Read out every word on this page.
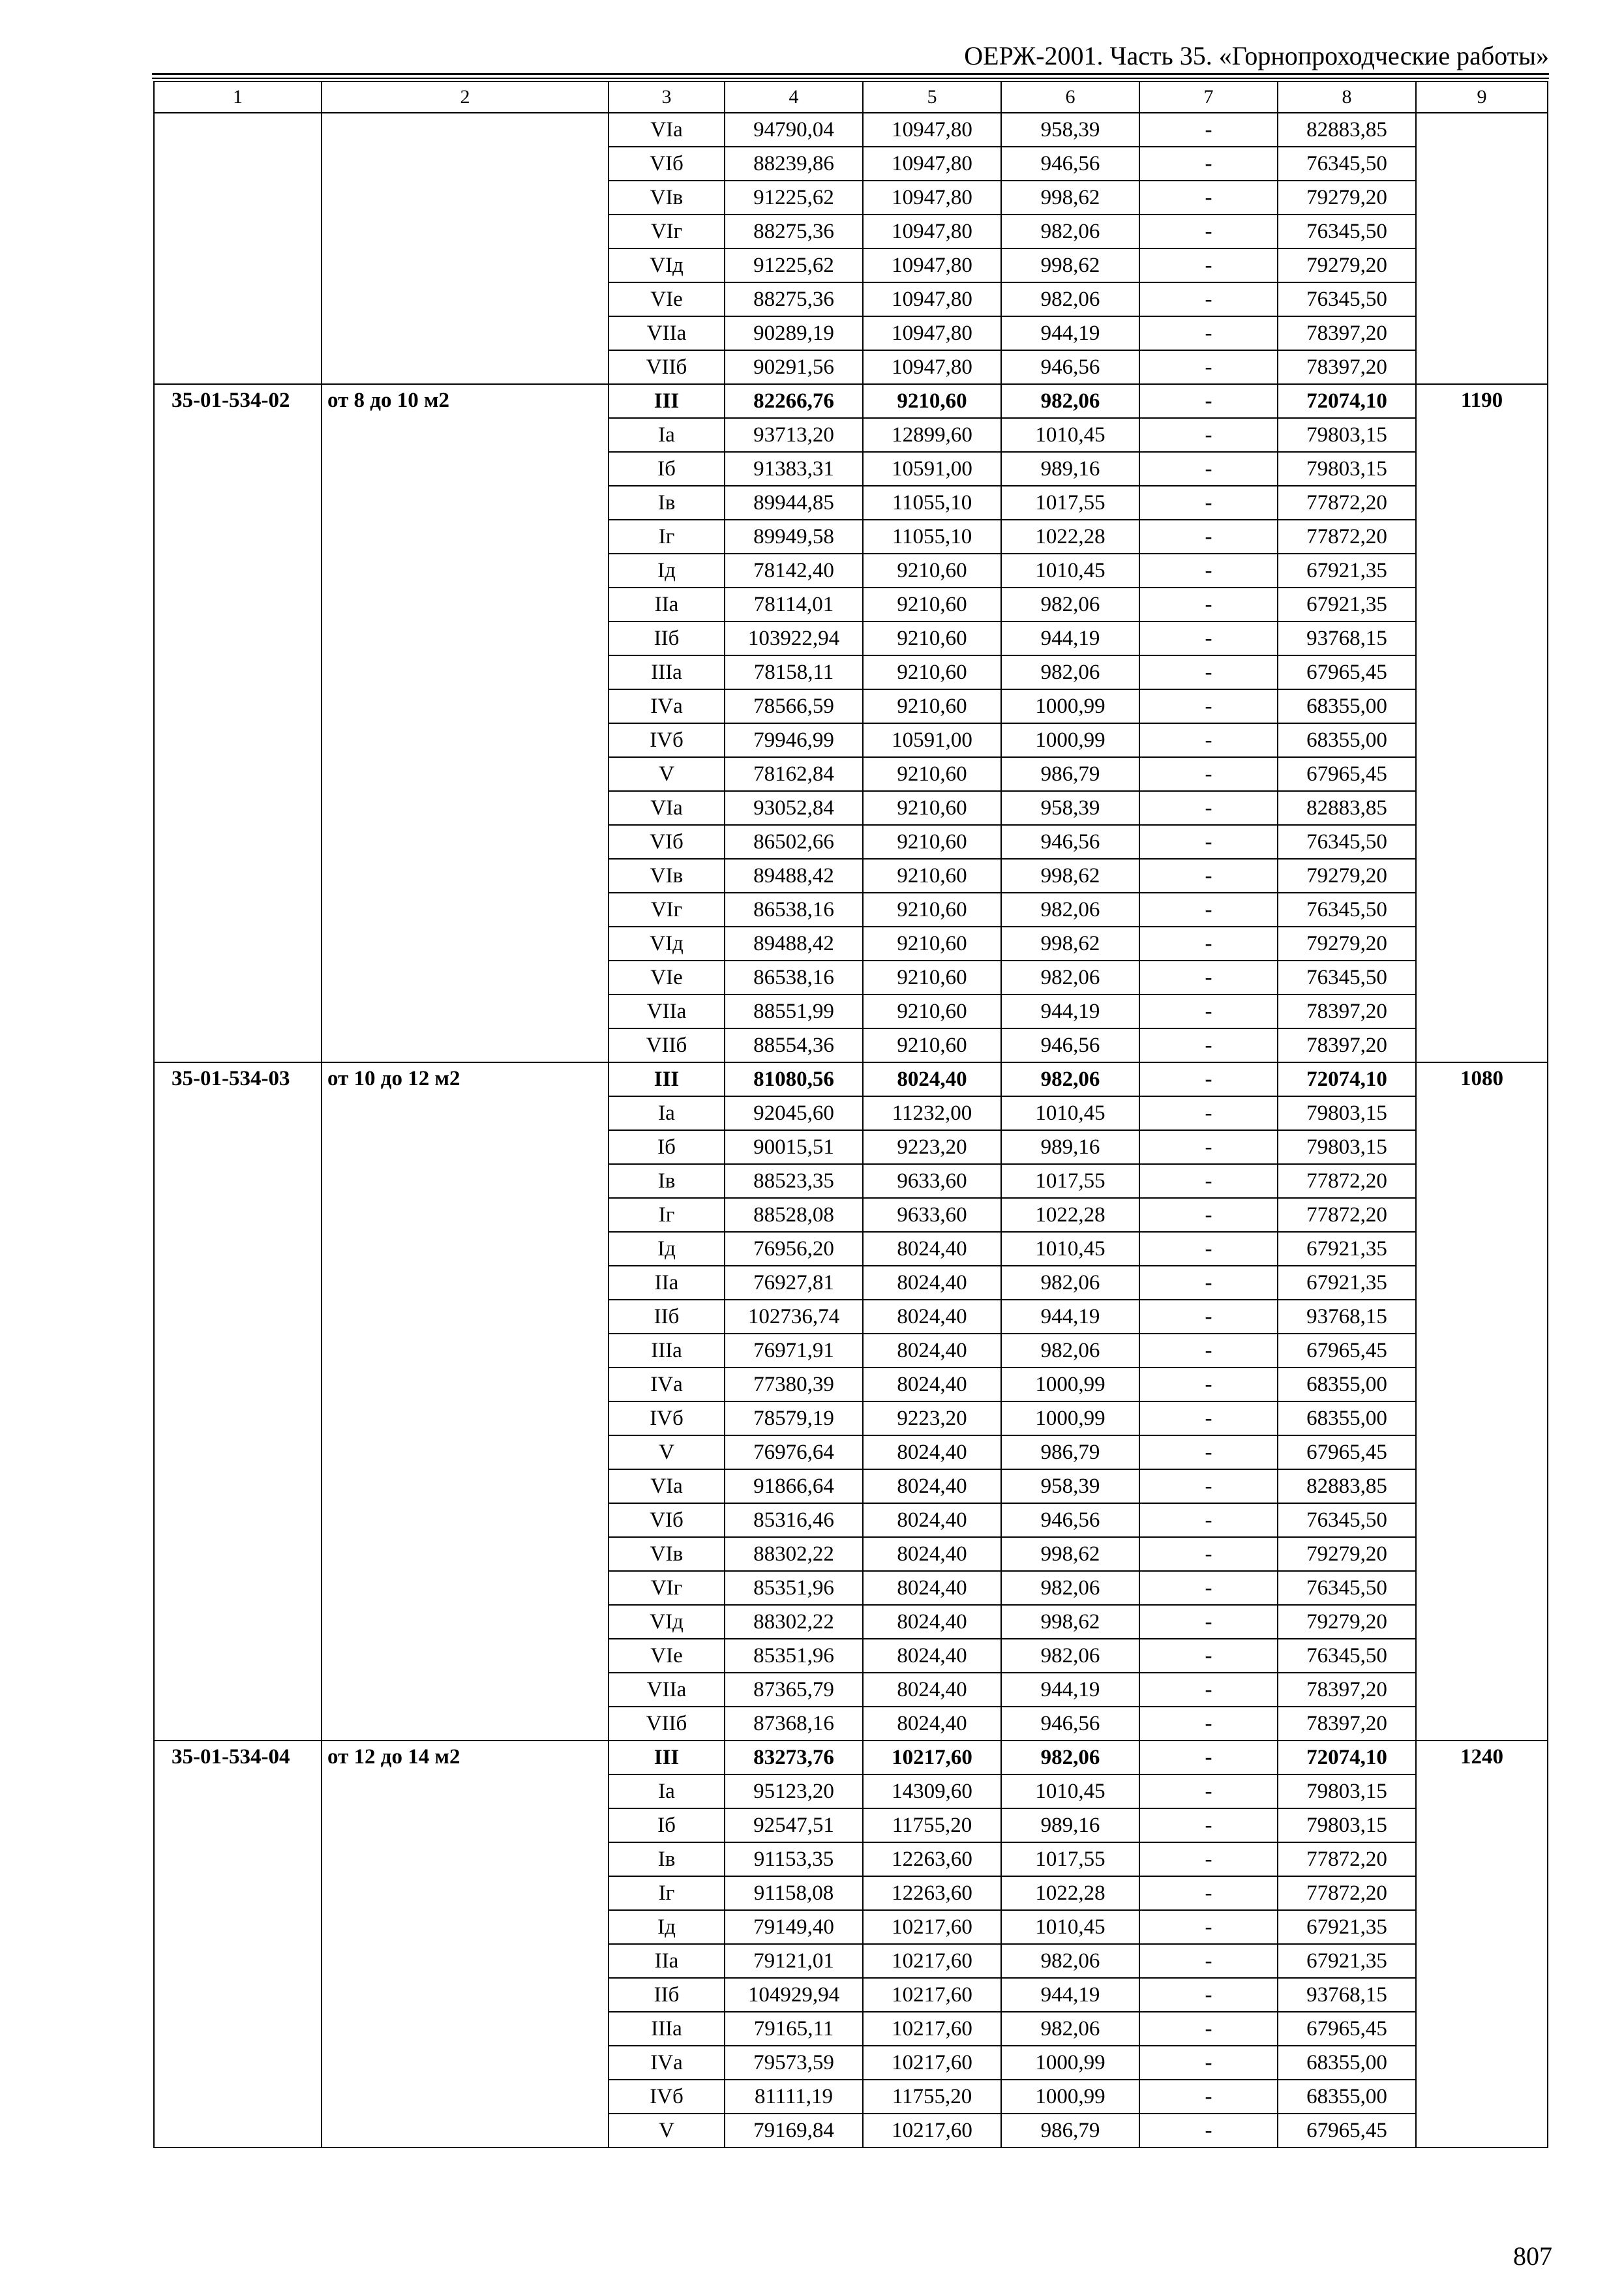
ОЕРЖ-2001. Часть 35. «Горнопроходческие работы»
1	2	3	4	5	6	7	8	9
		VIа	94790,04	10947,80	958,39	-	82883,85	
		VIб	88239,86	10947,80	946,56	-	76345,50	
		VIв	91225,62	10947,80	998,62	-	79279,20	
		VIг	88275,36	10947,80	982,06	-	76345,50	
		VIд	91225,62	10947,80	998,62	-	79279,20	
		VIе	88275,36	10947,80	982,06	-	76345,50	
		VIIа	90289,19	10947,80	944,19	-	78397,20	
		VIIб	90291,56	10947,80	946,56	-	78397,20	
35-01-534-02	от 8 до 10 м2	III	82266,76	9210,60	982,06	-	72074,10	1190
		Iа	93713,20	12899,60	1010,45	-	79803,15	
		Iб	91383,31	10591,00	989,16	-	79803,15	
		Iв	89944,85	11055,10	1017,55	-	77872,20	
		Iг	89949,58	11055,10	1022,28	-	77872,20	
		Iд	78142,40	9210,60	1010,45	-	67921,35	
		IIа	78114,01	9210,60	982,06	-	67921,35	
		IIб	103922,94	9210,60	944,19	-	93768,15	
		IIIа	78158,11	9210,60	982,06	-	67965,45	
		IVа	78566,59	9210,60	1000,99	-	68355,00	
		IVб	79946,99	10591,00	1000,99	-	68355,00	
		V	78162,84	9210,60	986,79	-	67965,45	
		VIа	93052,84	9210,60	958,39	-	82883,85	
		VIб	86502,66	9210,60	946,56	-	76345,50	
		VIв	89488,42	9210,60	998,62	-	79279,20	
		VIг	86538,16	9210,60	982,06	-	76345,50	
		VIд	89488,42	9210,60	998,62	-	79279,20	
		VIе	86538,16	9210,60	982,06	-	76345,50	
		VIIа	88551,99	9210,60	944,19	-	78397,20	
		VIIб	88554,36	9210,60	946,56	-	78397,20	
35-01-534-03	от 10 до 12 м2	III	81080,56	8024,40	982,06	-	72074,10	1080
		Iа	92045,60	11232,00	1010,45	-	79803,15	
		Iб	90015,51	9223,20	989,16	-	79803,15	
		Iв	88523,35	9633,60	1017,55	-	77872,20	
		Iг	88528,08	9633,60	1022,28	-	77872,20	
		Iд	76956,20	8024,40	1010,45	-	67921,35	
		IIа	76927,81	8024,40	982,06	-	67921,35	
		IIб	102736,74	8024,40	944,19	-	93768,15	
		IIIа	76971,91	8024,40	982,06	-	67965,45	
		IVа	77380,39	8024,40	1000,99	-	68355,00	
		IVб	78579,19	9223,20	1000,99	-	68355,00	
		V	76976,64	8024,40	986,79	-	67965,45	
		VIа	91866,64	8024,40	958,39	-	82883,85	
		VIб	85316,46	8024,40	946,56	-	76345,50	
		VIв	88302,22	8024,40	998,62	-	79279,20	
		VIг	85351,96	8024,40	982,06	-	76345,50	
		VIд	88302,22	8024,40	998,62	-	79279,20	
		VIе	85351,96	8024,40	982,06	-	76345,50	
		VIIа	87365,79	8024,40	944,19	-	78397,20	
		VIIб	87368,16	8024,40	946,56	-	78397,20	
35-01-534-04	от 12 до 14 м2	III	83273,76	10217,60	982,06	-	72074,10	1240
		Iа	95123,20	14309,60	1010,45	-	79803,15	
		Iб	92547,51	11755,20	989,16	-	79803,15	
		Iв	91153,35	12263,60	1017,55	-	77872,20	
		Iг	91158,08	12263,60	1022,28	-	77872,20	
		Iд	79149,40	10217,60	1010,45	-	67921,35	
		IIа	79121,01	10217,60	982,06	-	67921,35	
		IIб	104929,94	10217,60	944,19	-	93768,15	
		IIIа	79165,11	10217,60	982,06	-	67965,45	
		IVа	79573,59	10217,60	1000,99	-	68355,00	
		IVб	81111,19	11755,20	1000,99	-	68355,00	
		V	79169,84	10217,60	986,79	-	67965,45	
807
